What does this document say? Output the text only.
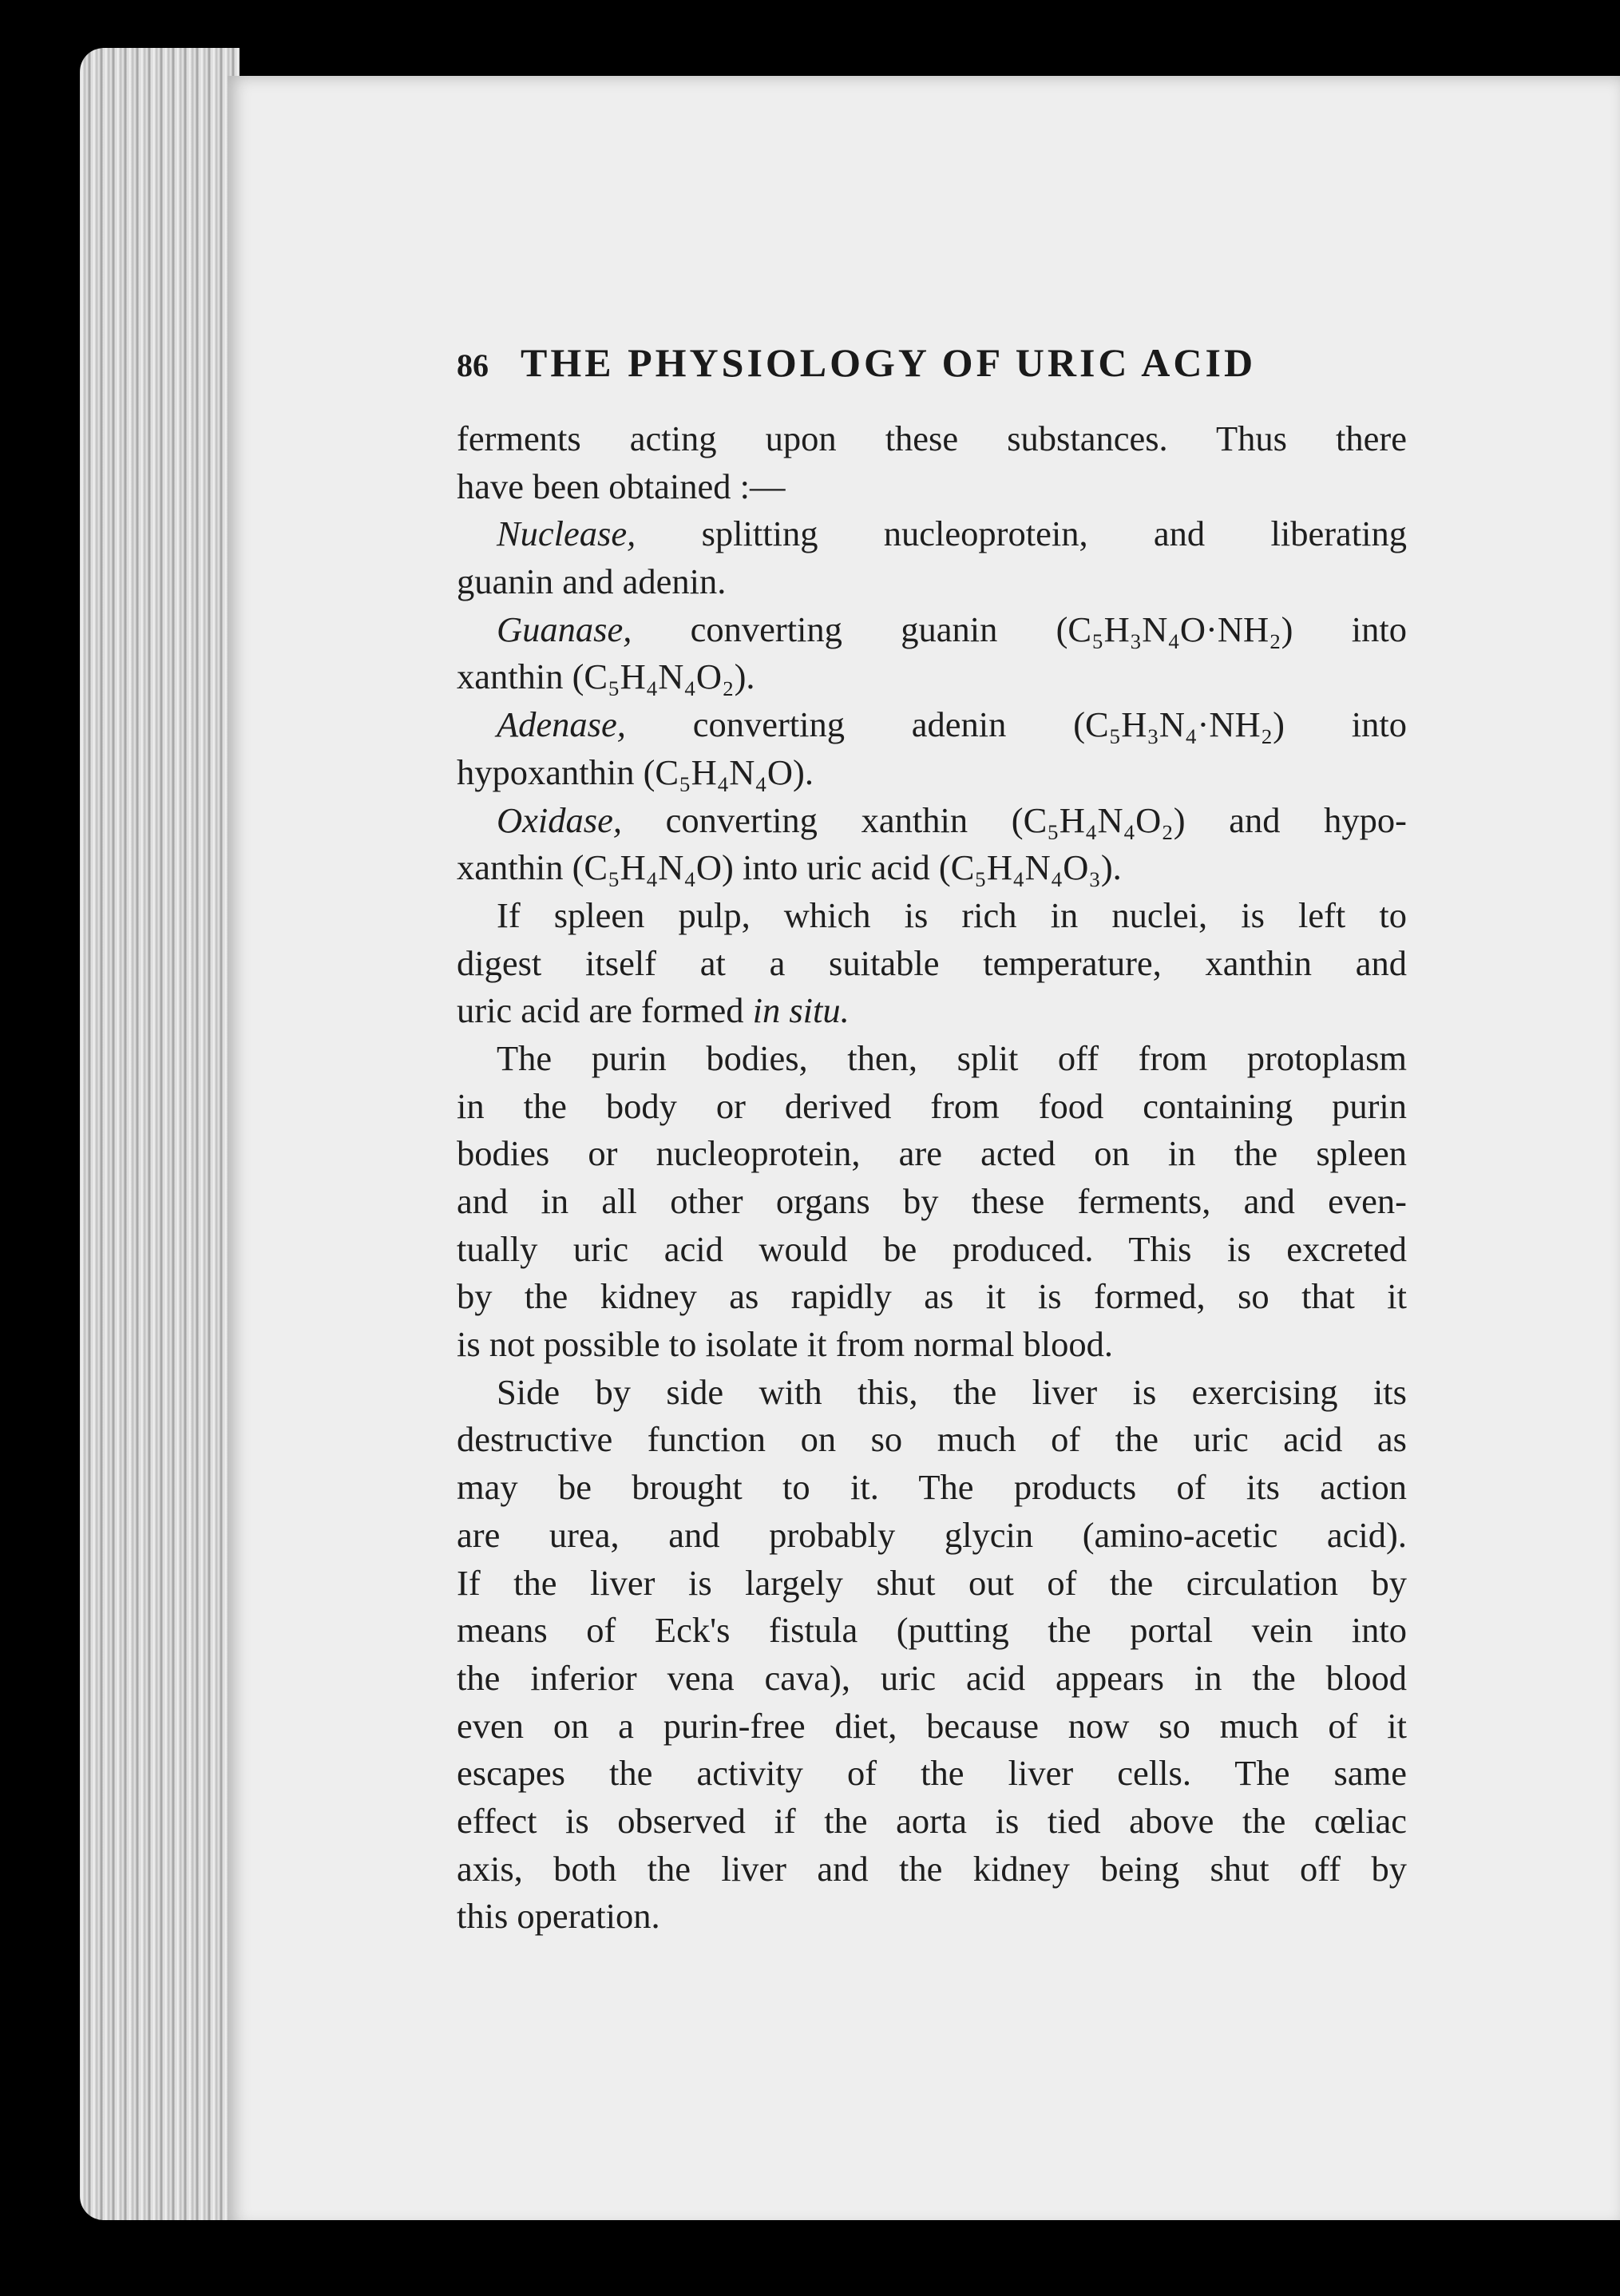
86 THE PHYSIOLOGY OF URIC ACID
ferments acting upon these substances. Thus there
have been obtained :—
Nuclease, splitting nucleoprotein, and liberating
guanin and adenin.
Guanase, converting guanin (C₅H₃N₄O·NH₂) into
xanthin (C₅H₄N₄O₂).
Adenase, converting adenin (C₅H₃N₄·NH₂) into
hypoxanthin (C₅H₄N₄O).
Oxidase, converting xanthin (C₅H₄N₄O₂) and hypo-
xanthin (C₅H₄N₄O) into uric acid (C₅H₄N₄O₃).
If spleen pulp, which is rich in nuclei, is left to
digest itself at a suitable temperature, xanthin and
uric acid are formed in situ.
The purin bodies, then, split off from protoplasm
in the body or derived from food containing purin
bodies or nucleoprotein, are acted on in the spleen
and in all other organs by these ferments, and even-
tually uric acid would be produced. This is excreted
by the kidney as rapidly as it is formed, so that it
is not possible to isolate it from normal blood.
Side by side with this, the liver is exercising its
destructive function on so much of the uric acid as
may be brought to it. The products of its action
are urea, and probably glycin (amino-acetic acid).
If the liver is largely shut out of the circulation by
means of Eck's fistula (putting the portal vein into
the inferior vena cava), uric acid appears in the blood
even on a purin-free diet, because now so much of it
escapes the activity of the liver cells. The same
effect is observed if the aorta is tied above the cœliac
axis, both the liver and the kidney being shut off by
this operation.
